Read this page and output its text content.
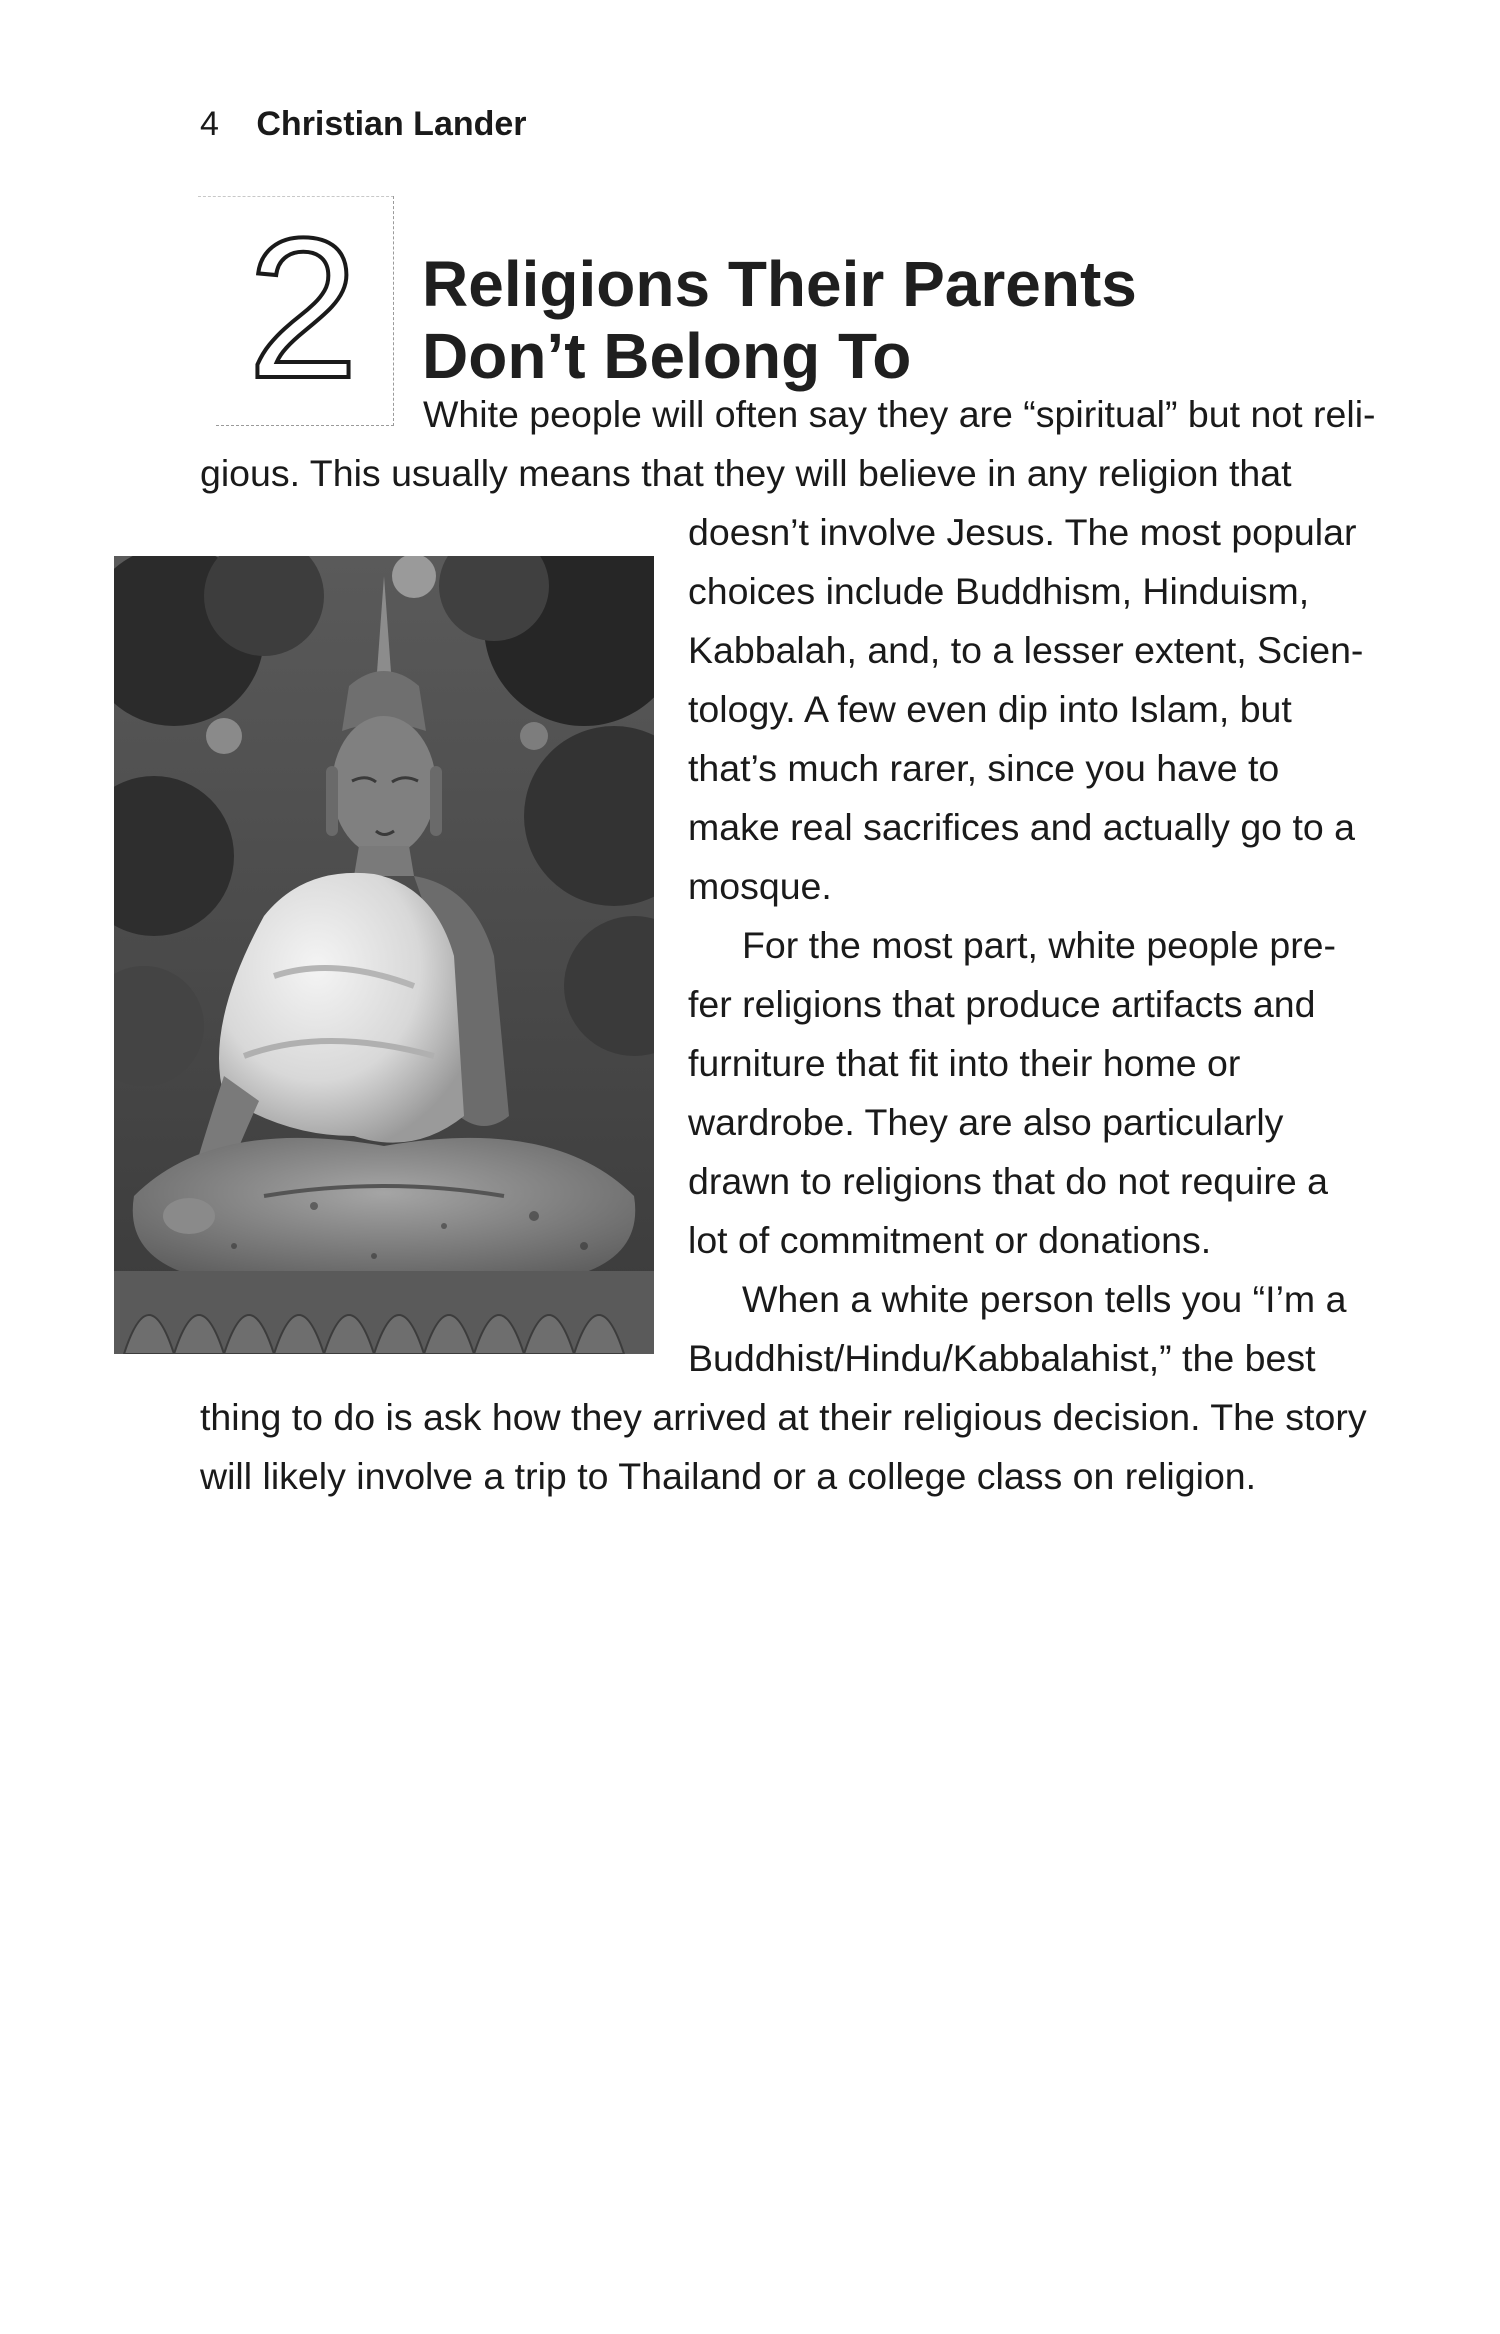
4 Christian Lander
2 Religions Their Parents
Don’t Belong To
White people will often say they are “spiritual” but not reli-
gious. This usually means that they will believe in any religion that
doesn’t involve Jesus. The most popular
choices include Buddhism, Hinduism,
Kabbalah, and, to a lesser extent, Scien-
tology. A few even dip into Islam, but
that’s much rarer, since you have to
make real sacrifices and actually go to a
mosque.
For the most part, white people pre-
fer religions that produce artifacts and
furniture that fit into their home or
wardrobe. They are also particularly
drawn to religions that do not require a
lot of commitment or donations.
When a white person tells you “I’m a
Buddhist/Hindu/Kabbalahist,” the best
thing to do is ask how they arrived at their religious decision. The story
will likely involve a trip to Thailand or a college class on religion.
